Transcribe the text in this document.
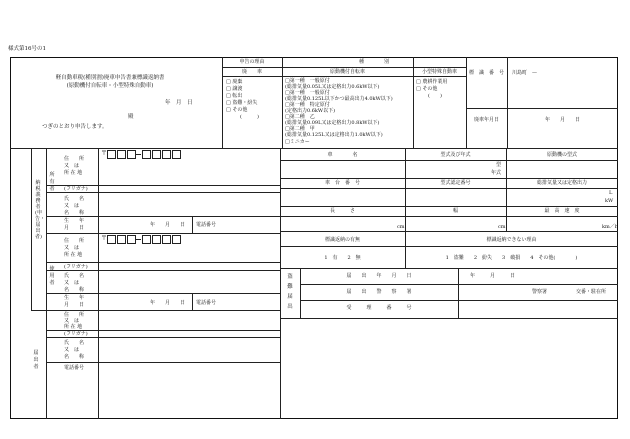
様式第16号の1
軽自動車税(種別割)廃車申告書兼標識返納書
(原動機付自転車・小型特殊自動車)
年　月　日
殿
つぎのとおり申告します。
申告の理由
廃　　車
□ 廃棄
□ 譲渡
□ 転出
□ 盗難・紛失
□ その他
(　　　)
種　　　　別
原動機付自転車
□第一種　一般原付
(総排気量0.05L又は定格出力0.6kW以下)
□第一種　一般原付
(総排気量0.125L以下かつ最高出力4.0kW以下)
□第一種　特定原付
(定格出力0.6kW以下)
□第二種　乙
(総排気量0.09L又は定格出力0.8kW以下)
□第二種　甲
(総排気量0.125L又は定格出力1.0kW以下)
□ミニカー
小型特殊自動車
□ 農耕作業用
□ その他
(　　)
標　識　番　号	川島町　—
廃車年月日	年　　月　　日
納税義務者(申告・届出者)
所　有　者
使　用　者
届　出　者
住　　所
又　は
所 在 地
〒
(フリガナ)
氏　　名
又　は
名　　称
生　　年
月　　日	年　　月　　日 電話番号
住　　所
又　は
所 在 地
〒
(フリガナ)
氏　　名
又　は
名　　称
生　　年
月　　日	年　　月　　日 電話番号
住　　所
又　は
所 在 地
(フリガナ)
氏　　名
又　は
名　　称
電話番号
車　　　　名	型式及び年式	原動機の型式
型
年式
車　台　番　号	型式認定番号	総排気量又は定格出力
L
kW
長　　　さ	幅	最　高　速　度
cm	cm	km／h
標識返納の有無
1　有　　2　無
標識返納できない理由
1　盗難　　2　紛失　　3　破損　　4　その他(　　　　)
盗難届出
届　　出　　年　　月　　日	年　　　月　　　日
届　　出　　警　　察　　署	警察署	交番・駐在所
受　　　理　　　番　　　号
